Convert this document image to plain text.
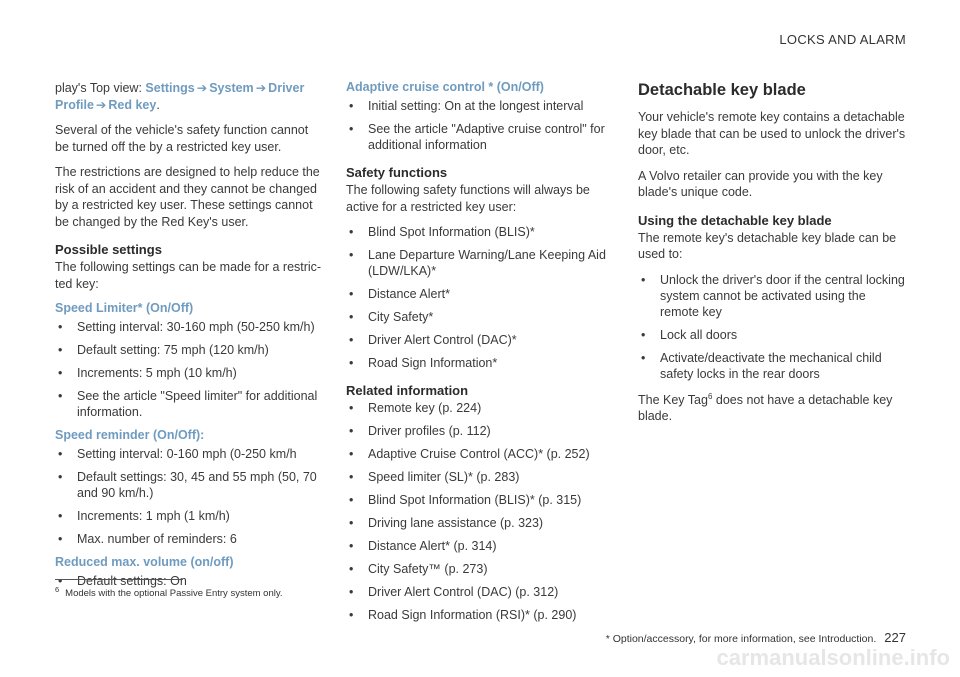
LOCKS AND ALARM

play's Top view: Settings ➔ System ➔ Driver Profile ➔ Red key.

Several of the vehicle's safety function cannot be turned off the by a restricted key user.

The restrictions are designed to help reduce the risk of an accident and they cannot be changed by a restricted key user. These settings cannot be changed by the Red Key's user.

Possible settings

The following settings can be made for a restric-ted key:

Speed Limiter* (On/Off)
• Setting interval: 30-160 mph (50-250 km/h)
• Default setting: 75 mph (120 km/h)
• Increments: 5 mph (10 km/h)
• See the article "Speed limiter" for additional information.
Speed reminder (On/Off):
• Setting interval: 0-160 mph (0-250 km/h
• Default settings: 30, 45 and 55 mph (50, 70 and 90 km/h.)
• Increments: 1 mph (1 km/h)
• Max. number of reminders: 6
Reduced max. volume (on/off)
• Default settings: On
Adaptive cruise control * (On/Off)
• Initial setting: On at the longest interval
• See the article "Adaptive cruise control" for additional information
Safety functions

The following safety functions will always be active for a restricted key user:

• Blind Spot Information (BLIS)*
• Lane Departure Warning/Lane Keeping Aid (LDW/LKA)*
• Distance Alert*
• City Safety*
• Driver Alert Control (DAC)*
• Road Sign Information*
Related information
• Remote key (p. 224)
• Driver profiles (p. 112)
• Adaptive Cruise Control (ACC)* (p. 252)
• Speed limiter (SL)* (p. 283)
• Blind Spot Information (BLIS)* (p. 315)
• Driving lane assistance (p. 323)
• Distance Alert* (p. 314)
• City Safety™ (p. 273)
• Driver Alert Control (DAC) (p. 312)
• Road Sign Information (RSI)* (p. 290)
Detachable key blade

Your vehicle's remote key contains a detachable key blade that can be used to unlock the driver's door, etc.

A Volvo retailer can provide you with the key blade's unique code.

Using the detachable key blade

The remote key's detachable key blade can be used to:

• Unlock the driver's door if the central locking system cannot be activated using the remote key
• Lock all doors
• Activate/deactivate the mechanical child safety locks in the rear doors

The Key Tag$^6$ does not have a detachable key blade.

$^6$ Models with the optional Passive Entry system only.
* Option/accessory, for more information, see Introduction. 227
carmanualsonline.info
